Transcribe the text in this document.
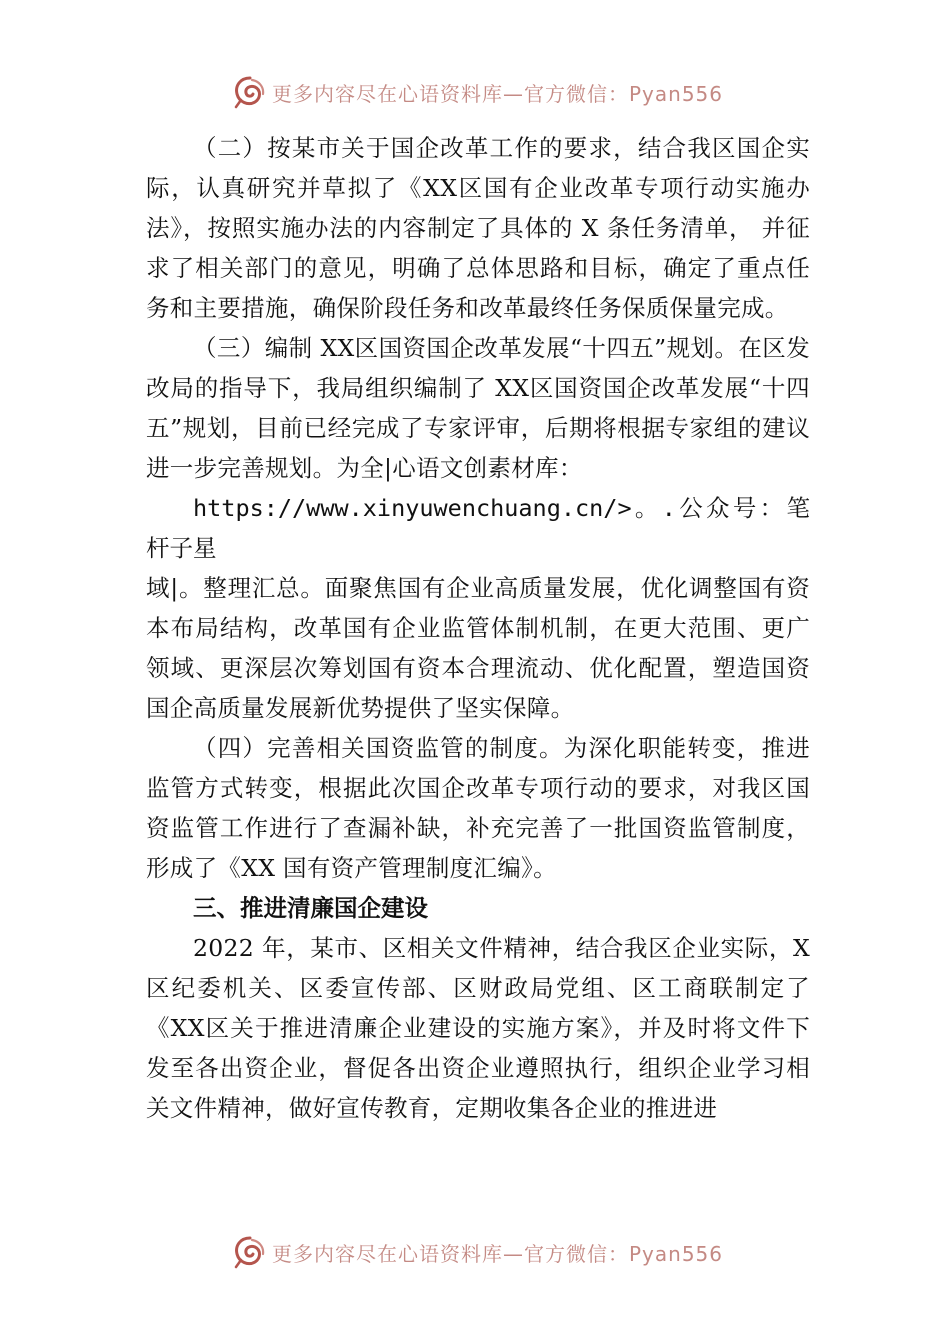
更多内容尽在心语资料库—官方微信：Pyan556

（二）按某市关于国企改革工作的要求，结合我区国企实际，认真研究并草拟了《XX区国有企业改革专项行动实施办法》，按照实施办法的内容制定了具体的 X 条任务清单， 并征求了相关部门的意见，明确了总体思路和目标，确定了重点任务和主要措施，确保阶段任务和改革最终任务保质保量完成。

（三）编制 XX区国资国企改革发展“十四五”规划。在区发改局的指导下，我局组织编制了 XX区国资国企改革发展“十四五”规划，目前已经完成了专家评审，后期将根据专家组的建议进一步完善规划。为全|心语文创素材库：
https://www.xinyuwenchuang.cn/>。.公众号：笔杆子星
域|。整理汇总。面聚焦国有企业高质量发展，优化调整国有资本布局结构，改革国有企业监管体制机制，在更大范围、更广领域、更深层次筹划国有资本合理流动、优化配置，塑造国资国企高质量发展新优势提供了坚实保障。

（四）完善相关国资监管的制度。为深化职能转变，推进监管方式转变，根据此次国企改革专项行动的要求，对我区国资监管工作进行了查漏补缺，补充完善了一批国资监管制度，形成了《XX 国有资产管理制度汇编》。

三、推进清廉国企建设

2022 年，某市、区相关文件精神，结合我区企业实际，X区纪委机关、区委宣传部、区财政局党组、区工商联制定了《XX区关于推进清廉企业建设的实施方案》，并及时将文件下发至各出资企业，督促各出资企业遵照执行，组织企业学习相关文件精神，做好宣传教育，定期收集各企业的推进进

更多内容尽在心语资料库—官方微信：Pyan556
